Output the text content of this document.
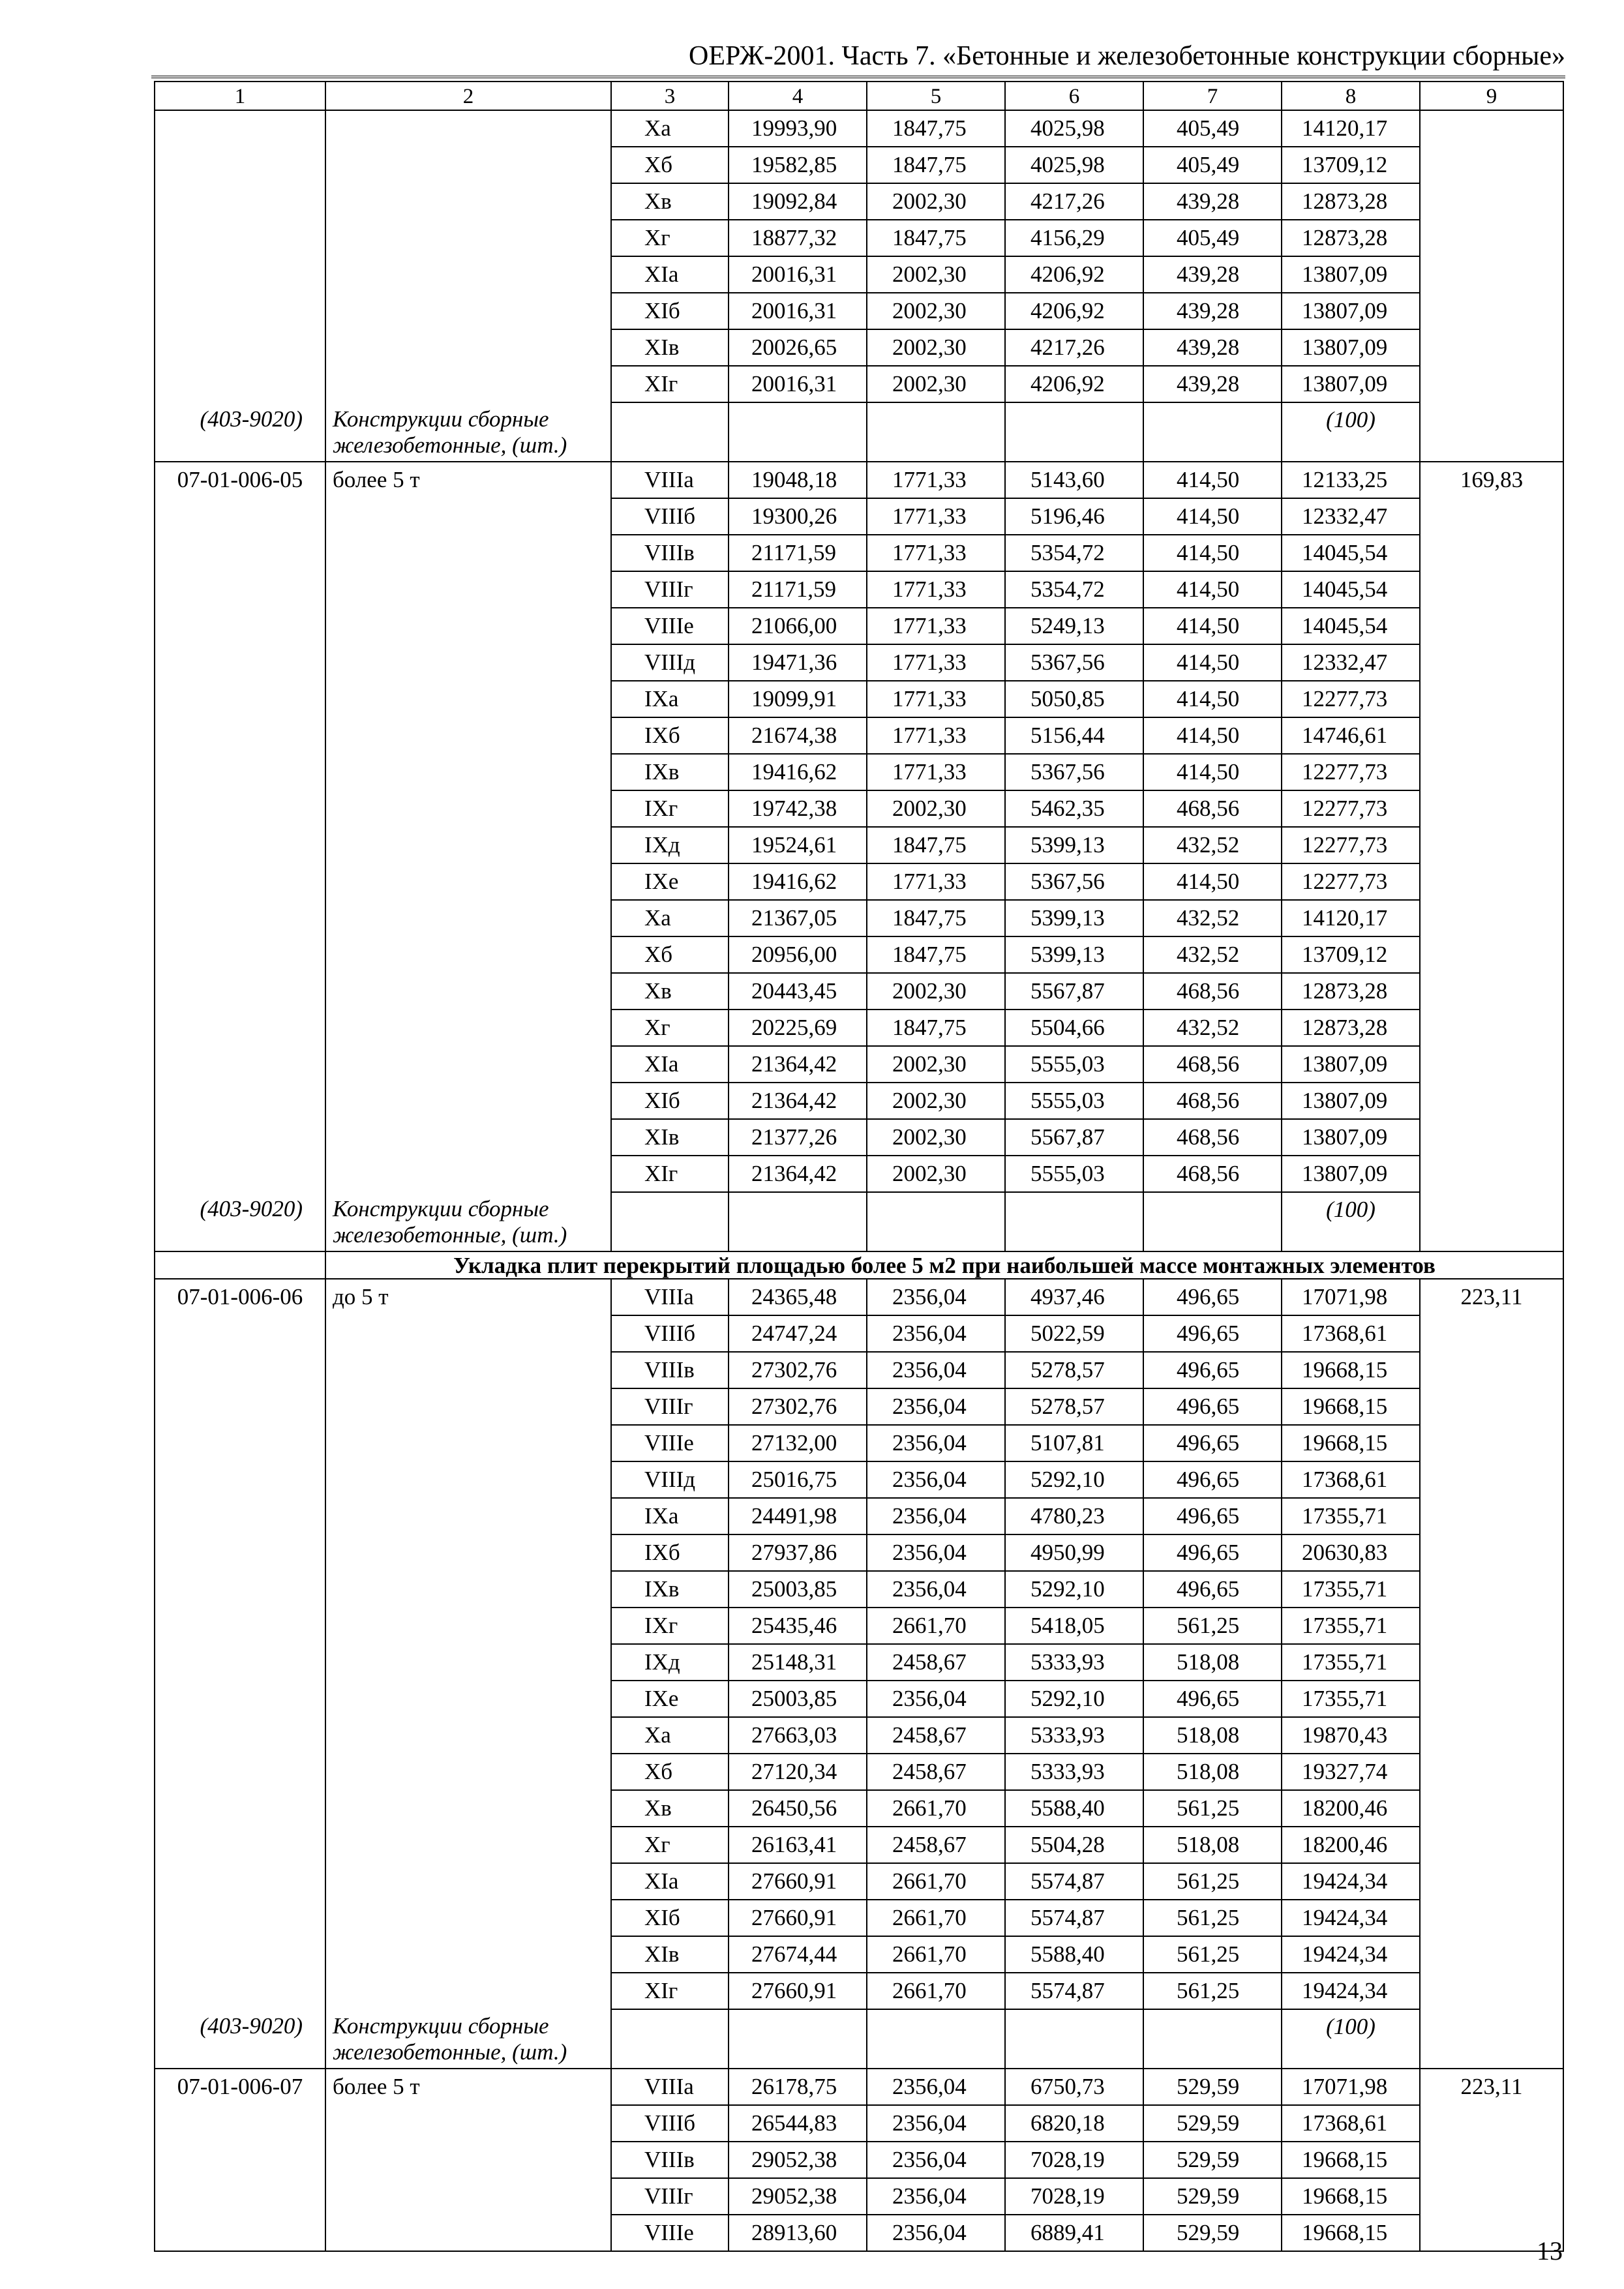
ОЕРЖ-2001. Часть 7. «Бетонные и железобетонные конструкции сборные»
1	2	3	4	5	6	7	8	9
		Xa	19993,90	1847,75	4025,98	405,49	14120,17	
		Xб	19582,85	1847,75	4025,98	405,49	13709,12	
		Xв	19092,84	2002,30	4217,26	439,28	12873,28	
		Xг	18877,32	1847,75	4156,29	405,49	12873,28	
		XIa	20016,31	2002,30	4206,92	439,28	13807,09	
		XIб	20016,31	2002,30	4206,92	439,28	13807,09	
		XIв	20026,65	2002,30	4217,26	439,28	13807,09	
		XIг	20016,31	2002,30	4206,92	439,28	13807,09	
(403-9020)	Конструкции сборные железобетонные, (шт.)						(100)	
07-01-006-05	более 5 т	VIIIa	19048,18	1771,33	5143,60	414,50	12133,25	169,83
		VIIIб	19300,26	1771,33	5196,46	414,50	12332,47	
		VIIIв	21171,59	1771,33	5354,72	414,50	14045,54	
		VIIIг	21171,59	1771,33	5354,72	414,50	14045,54	
		VIIIe	21066,00	1771,33	5249,13	414,50	14045,54	
		VIIIд	19471,36	1771,33	5367,56	414,50	12332,47	
		IXa	19099,91	1771,33	5050,85	414,50	12277,73	
		IXб	21674,38	1771,33	5156,44	414,50	14746,61	
		IXв	19416,62	1771,33	5367,56	414,50	12277,73	
		IXг	19742,38	2002,30	5462,35	468,56	12277,73	
		IXд	19524,61	1847,75	5399,13	432,52	12277,73	
		IXe	19416,62	1771,33	5367,56	414,50	12277,73	
		Xa	21367,05	1847,75	5399,13	432,52	14120,17	
		Xб	20956,00	1847,75	5399,13	432,52	13709,12	
		Xв	20443,45	2002,30	5567,87	468,56	12873,28	
		Xг	20225,69	1847,75	5504,66	432,52	12873,28	
		XIa	21364,42	2002,30	5555,03	468,56	13807,09	
		XIб	21364,42	2002,30	5555,03	468,56	13807,09	
		XIв	21377,26	2002,30	5567,87	468,56	13807,09	
		XIг	21364,42	2002,30	5555,03	468,56	13807,09	
(403-9020)	Конструкции сборные железобетонные, (шт.)						(100)	
	Укладка плит перекрытий площадью более 5 м2 при наибольшей массе монтажных элементов							
07-01-006-06	до 5 т	VIIIa	24365,48	2356,04	4937,46	496,65	17071,98	223,11
		VIIIб	24747,24	2356,04	5022,59	496,65	17368,61	
		VIIIв	27302,76	2356,04	5278,57	496,65	19668,15	
		VIIIг	27302,76	2356,04	5278,57	496,65	19668,15	
		VIIIe	27132,00	2356,04	5107,81	496,65	19668,15	
		VIIIд	25016,75	2356,04	5292,10	496,65	17368,61	
		IXa	24491,98	2356,04	4780,23	496,65	17355,71	
		IXб	27937,86	2356,04	4950,99	496,65	20630,83	
		IXв	25003,85	2356,04	5292,10	496,65	17355,71	
		IXг	25435,46	2661,70	5418,05	561,25	17355,71	
		IXд	25148,31	2458,67	5333,93	518,08	17355,71	
		IXe	25003,85	2356,04	5292,10	496,65	17355,71	
		Xa	27663,03	2458,67	5333,93	518,08	19870,43	
		Xб	27120,34	2458,67	5333,93	518,08	19327,74	
		Xв	26450,56	2661,70	5588,40	561,25	18200,46	
		Xг	26163,41	2458,67	5504,28	518,08	18200,46	
		XIa	27660,91	2661,70	5574,87	561,25	19424,34	
		XIб	27660,91	2661,70	5574,87	561,25	19424,34	
		XIв	27674,44	2661,70	5588,40	561,25	19424,34	
		XIг	27660,91	2661,70	5574,87	561,25	19424,34	
(403-9020)	Конструкции сборные железобетонные, (шт.)						(100)	
07-01-006-07	более 5 т	VIIIa	26178,75	2356,04	6750,73	529,59	17071,98	223,11
		VIIIб	26544,83	2356,04	6820,18	529,59	17368,61	
		VIIIв	29052,38	2356,04	7028,19	529,59	19668,15	
		VIIIг	29052,38	2356,04	7028,19	529,59	19668,15	
		VIIIe	28913,60	2356,04	6889,41	529,59	19668,15	
13
